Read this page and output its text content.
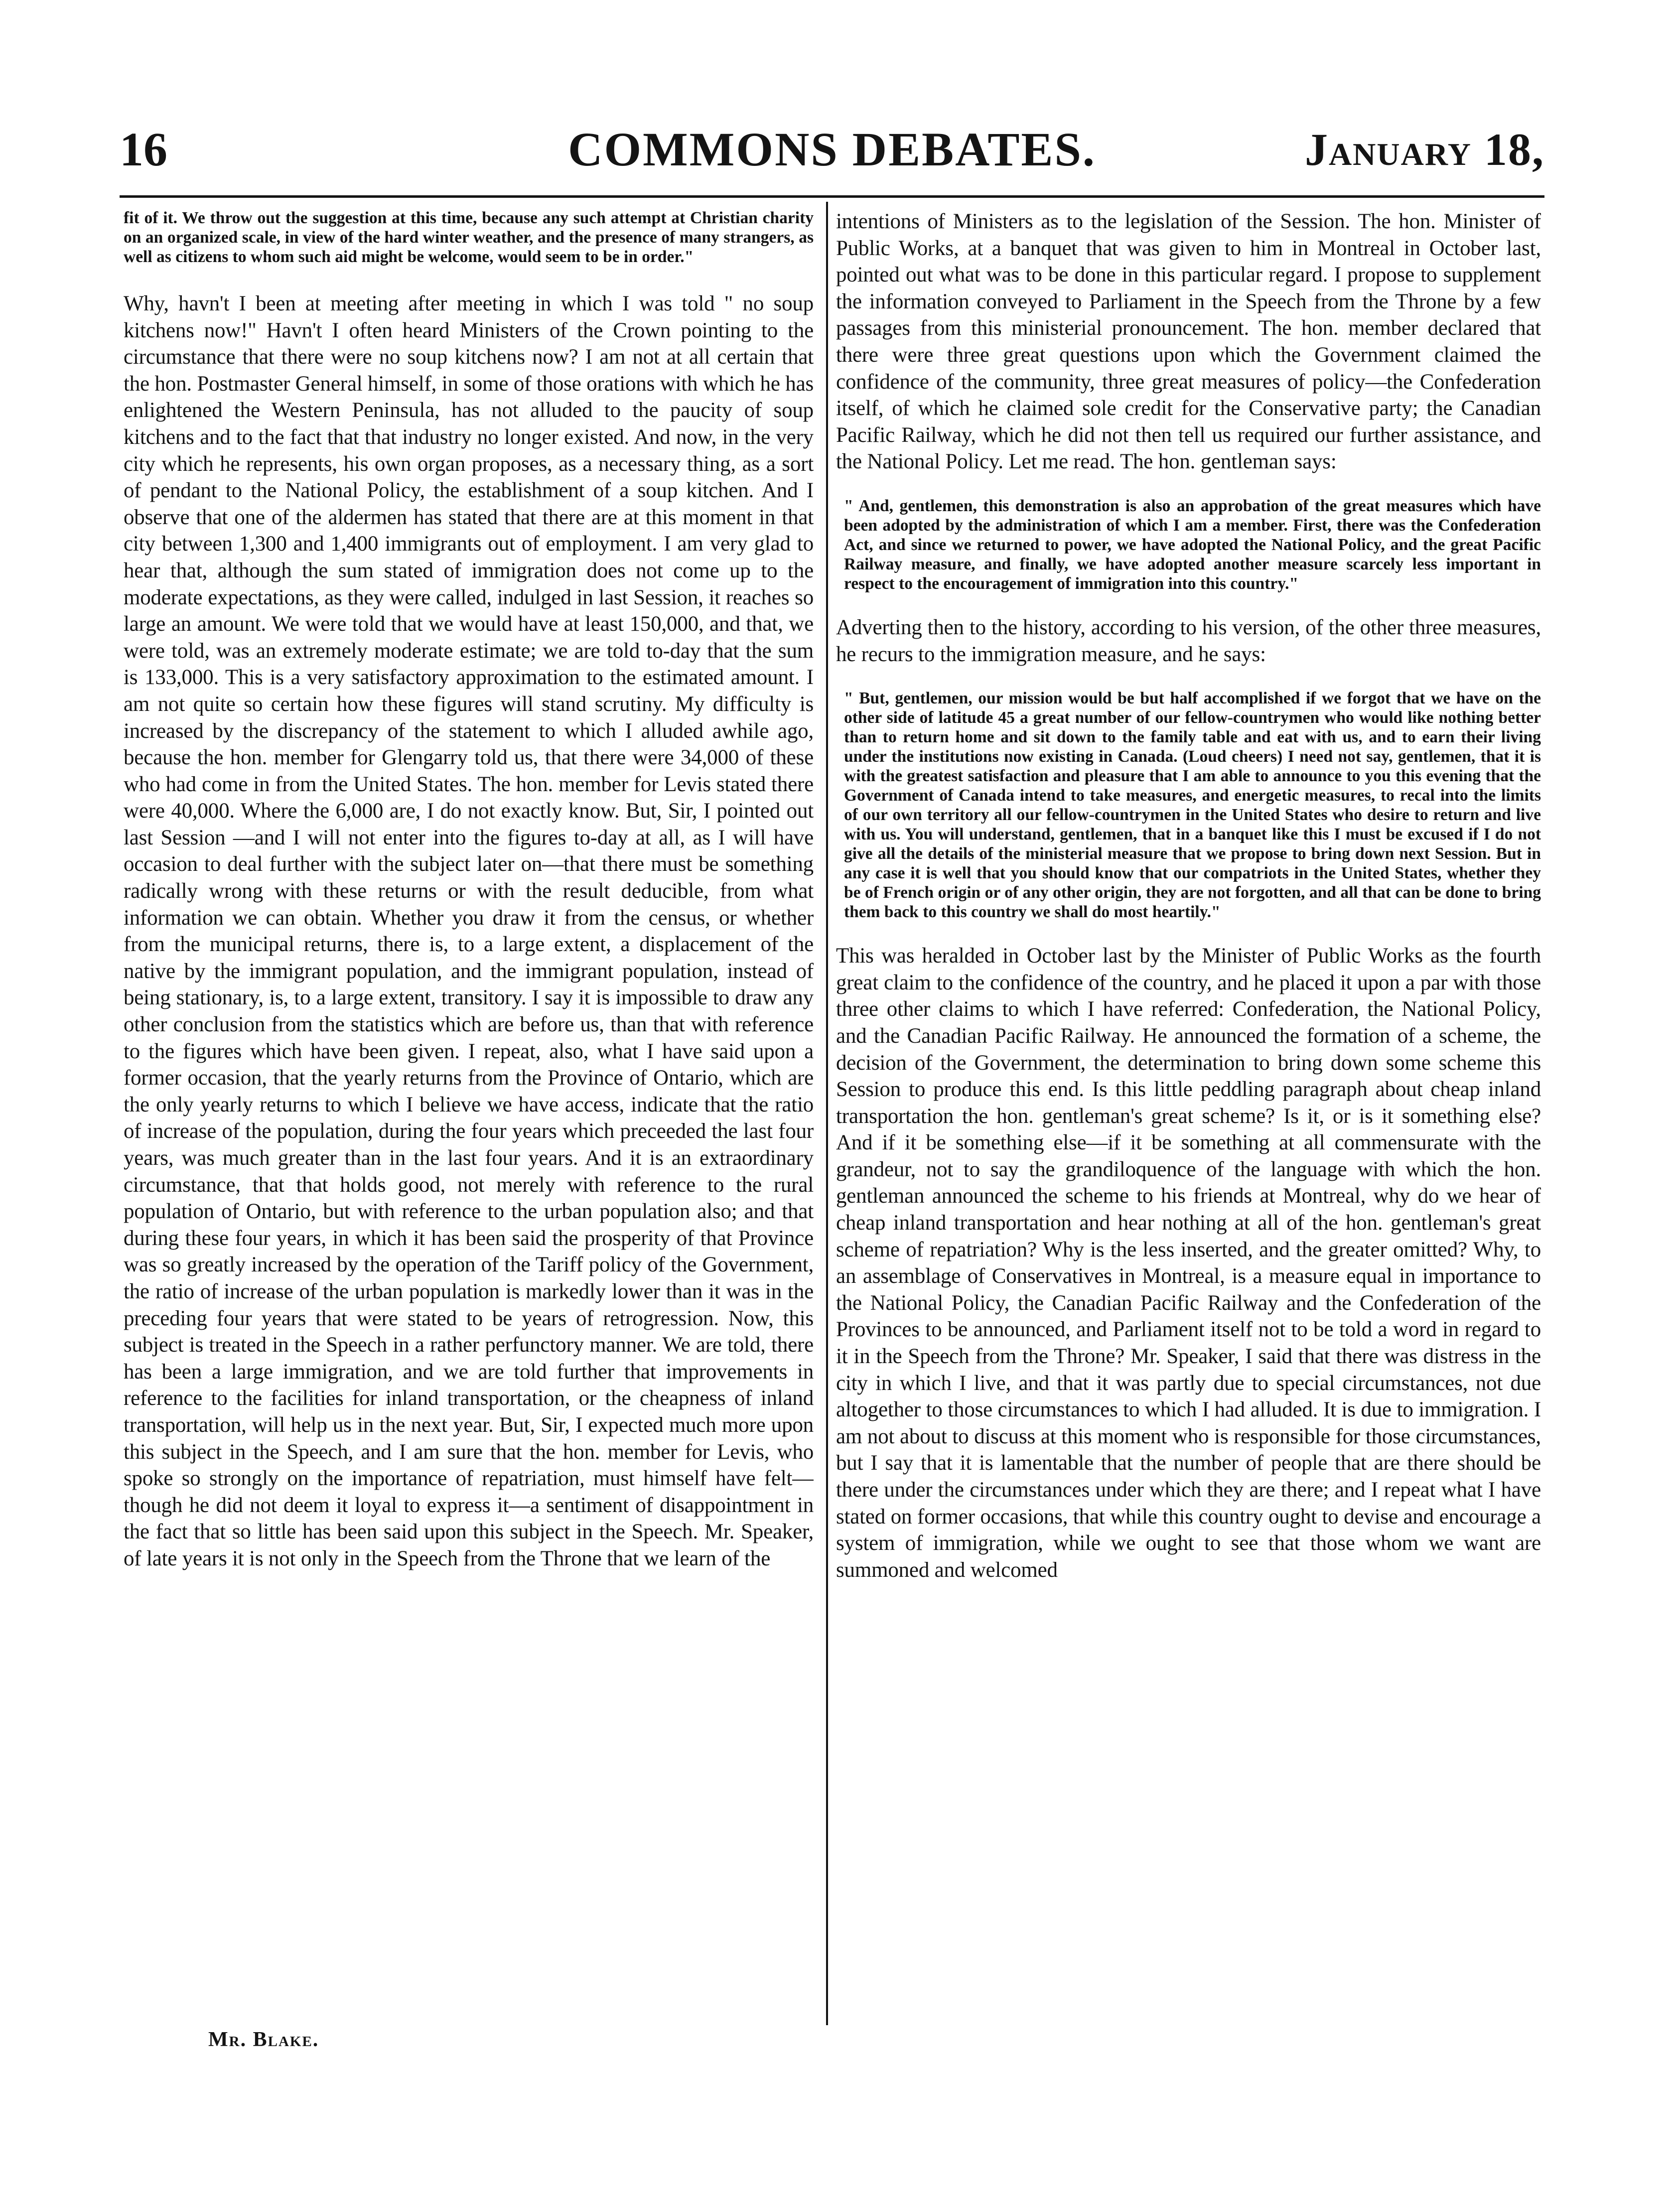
16	COMMONS DEBATES.	January 18,

fit of it. We throw out the suggestion at this time, because any such attempt at Christian charity on an organized scale, in view of the hard winter weather, and the presence of many strangers, as well as citizens to whom such aid might be welcome, would seem to be in order."

Why, havn't I been at meeting after meeting in which I was told " no soup kitchens now!" Havn't I often heard Ministers of the Crown pointing to the circumstance that there were no soup kitchens now? I am not at all certain that the hon. Postmaster General himself, in some of those orations with which he has enlightened the Western Peninsula, has not alluded to the paucity of soup kitchens and to the fact that that industry no longer existed. And now, in the very city which he represents, his own organ proposes, as a necessary thing, as a sort of pendant to the National Policy, the establishment of a soup kitchen. And I observe that one of the aldermen has stated that there are at this moment in that city between 1,300 and 1,400 immigrants out of employment. I am very glad to hear that, although the sum stated of immigration does not come up to the moderate expectations, as they were called, indulged in last Session, it reaches so large an amount. We were told that we would have at least 150,000, and that, we were told, was an extremely moderate estimate; we are told to-day that the sum is 133,000. This is a very satisfactory approximation to the estimated amount. I am not quite so certain how these figures will stand scrutiny. My difficulty is increased by the discrepancy of the statement to which I alluded awhile ago, because the hon. member for Glengarry told us, that there were 34,000 of these who had come in from the United States. The hon. member for Levis stated there were 40,000. Where the 6,000 are, I do not exactly know. But, Sir, I pointed out last Session —and I will not enter into the figures to-day at all, as I will have occasion to deal further with the subject later on—that there must be something radically wrong with these returns or with the result deducible, from what information we can obtain. Whether you draw it from the census, or whether from the municipal returns, there is, to a large extent, a displacement of the native by the immigrant population, and the immigrant population, instead of being stationary, is, to a large extent, transitory. I say it is impossible to draw any other conclusion from the statistics which are before us, than that with reference to the figures which have been given. I repeat, also, what I have said upon a former occasion, that the yearly returns from the Province of Ontario, which are the only yearly returns to which I believe we have access, indicate that the ratio of increase of the population, during the four years which preceeded the last four years, was much greater than in the last four years. And it is an extraordinary circumstance, that that holds good, not merely with reference to the rural population of Ontario, but with reference to the urban population also; and that during these four years, in which it has been said the prosperity of that Province was so greatly increased by the operation of the Tariff policy of the Government, the ratio of increase of the urban population is markedly lower than it was in the preceding four years that were stated to be years of retrogression. Now, this subject is treated in the Speech in a rather perfunctory manner. We are told, there has been a large immigration, and we are told further that improvements in reference to the facilities for inland transportation, or the cheapness of inland transportation, will help us in the next year. But, Sir, I expected much more upon this subject in the Speech, and I am sure that the hon. member for Levis, who spoke so strongly on the importance of repatriation, must himself have felt—though he did not deem it loyal to express it—a sentiment of disappointment in the fact that so little has been said upon this subject in the Speech. Mr. Speaker, of late years it is not only in the Speech from the Throne that we learn of the

intentions of Ministers as to the legislation of the Session. The hon. Minister of Public Works, at a banquet that was given to him in Montreal in October last, pointed out what was to be done in this particular regard. I propose to supplement the information conveyed to Parliament in the Speech from the Throne by a few passages from this ministerial pronouncement. The hon. member declared that there were three great questions upon which the Government claimed the confidence of the community, three great measures of policy—the Confederation itself, of which he claimed sole credit for the Conservative party; the Canadian Pacific Railway, which he did not then tell us required our further assistance, and the National Policy. Let me read. The hon. gentleman says:

" And, gentlemen, this demonstration is also an approbation of the great measures which have been adopted by the administration of which I am a member. First, there was the Confederation Act, and since we returned to power, we have adopted the National Policy, and the great Pacific Railway measure, and finally, we have adopted another measure scarcely less important in respect to the encouragement of immigration into this country."

Adverting then to the history, according to his version, of the other three measures, he recurs to the immigration measure, and he says:

" But, gentlemen, our mission would be but half accomplished if we forgot that we have on the other side of latitude 45 a great number of our fellow-countrymen who would like nothing better than to return home and sit down to the family table and eat with us, and to earn their living under the institutions now existing in Canada. (Loud cheers) I need not say, gentlemen, that it is with the greatest satisfaction and pleasure that I am able to announce to you this evening that the Government of Canada intend to take measures, and energetic measures, to recal into the limits of our own territory all our fellow-countrymen in the United States who desire to return and live with us. You will understand, gentlemen, that in a banquet like this I must be excused if I do not give all the details of the ministerial measure that we propose to bring down next Session. But in any case it is well that you should know that our compatriots in the United States, whether they be of French origin or of any other origin, they are not forgotten, and all that can be done to bring them back to this country we shall do most heartily."

This was heralded in October last by the Minister of Public Works as the fourth great claim to the confidence of the country, and he placed it upon a par with those three other claims to which I have referred: Confederation, the National Policy, and the Canadian Pacific Railway. He announced the formation of a scheme, the decision of the Government, the determination to bring down some scheme this Session to produce this end. Is this little peddling paragraph about cheap inland transportation the hon. gentleman's great scheme? Is it, or is it something else? And if it be something else—if it be something at all commensurate with the grandeur, not to say the grandiloquence of the language with which the hon. gentleman announced the scheme to his friends at Montreal, why do we hear of cheap inland transportation and hear nothing at all of the hon. gentleman's great scheme of repatriation? Why is the less inserted, and the greater omitted? Why, to an assemblage of Conservatives in Montreal, is a measure equal in importance to the National Policy, the Canadian Pacific Railway and the Confederation of the Provinces to be announced, and Parliament itself not to be told a word in regard to it in the Speech from the Throne? Mr. Speaker, I said that there was distress in the city in which I live, and that it was partly due to special circumstances, not due altogether to those circumstances to which I had alluded. It is due to immigration. I am not about to discuss at this moment who is responsible for those circumstances, but I say that it is lamentable that the number of people that are there should be there under the circumstances under which they are there; and I repeat what I have stated on former occasions, that while this country ought to devise and encourage a system of immigration, while we ought to see that those whom we want are summoned and welcomed

Mr. Blake.
